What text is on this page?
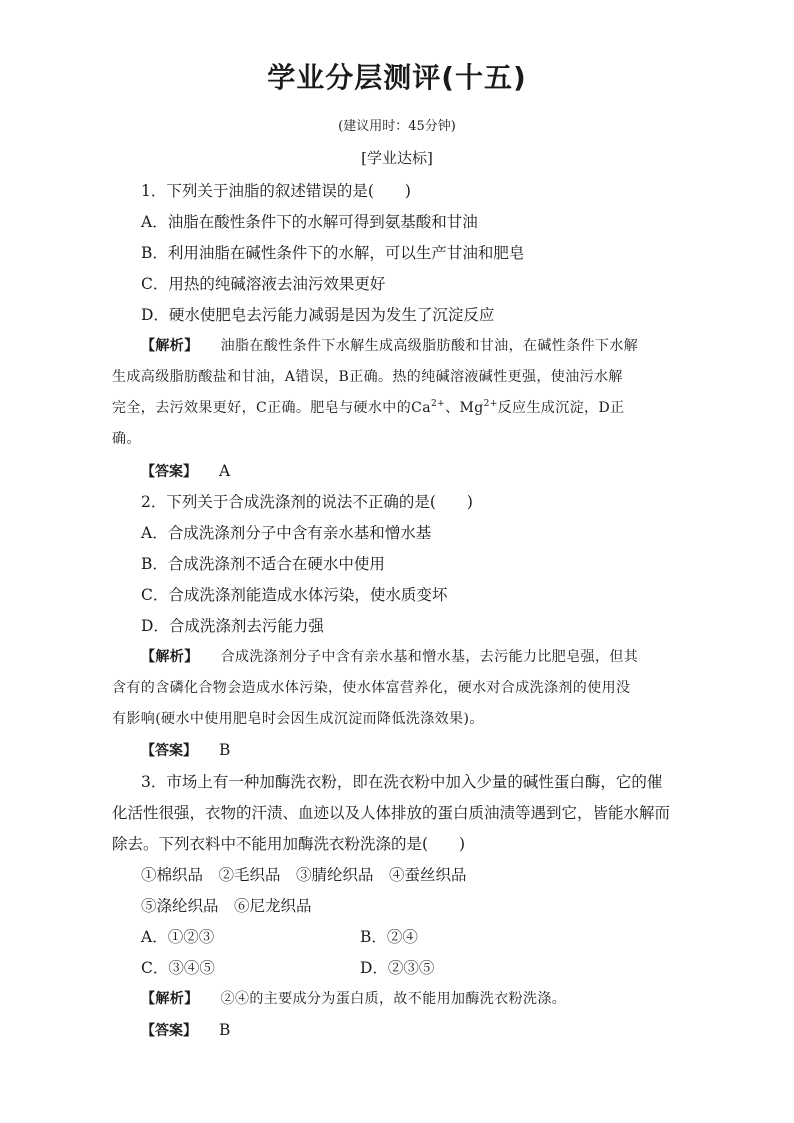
学业分层测评(十五)
(建议用时：45分钟)
[学业达标]
1．下列关于油脂的叙述错误的是(　　)
A．油脂在酸性条件下的水解可得到氨基酸和甘油
B．利用油脂在碱性条件下的水解，可以生产甘油和肥皂
C．用热的纯碱溶液去油污效果更好
D．硬水使肥皂去污能力减弱是因为发生了沉淀反应
【解析】 油脂在酸性条件下水解生成高级脂肪酸和甘油，在碱性条件下水解
生成高级脂肪酸盐和甘油，A错误，B正确。热的纯碱溶液碱性更强，使油污水解
完全，去污效果更好，C正确。肥皂与硬水中的$Ca^{2+}$、$Mg^{2+}$反应生成沉淀，D正
确。
【答案】 A
2．下列关于合成洗涤剂的说法不正确的是(　　)
A．合成洗涤剂分子中含有亲水基和憎水基
B．合成洗涤剂不适合在硬水中使用
C．合成洗涤剂能造成水体污染，使水质变坏
D．合成洗涤剂去污能力强
【解析】 合成洗涤剂分子中含有亲水基和憎水基，去污能力比肥皂强，但其
含有的含磷化合物会造成水体污染，使水体富营养化，硬水对合成洗涤剂的使用没
有影响(硬水中使用肥皂时会因生成沉淀而降低洗涤效果)。
【答案】 B
3．市场上有一种加酶洗衣粉，即在洗衣粉中加入少量的碱性蛋白酶，它的催
化活性很强，衣物的汗渍、血迹以及人体排放的蛋白质油渍等遇到它，皆能水解而
除去。下列衣料中不能用加酶洗衣粉洗涤的是(　　)
①棉织品　②毛织品　③腈纶织品　④蚕丝织品
⑤涤纶织品　⑥尼龙织品
A．①②③	B．②④
C．③④⑤	D．②③⑤
【解析】 ②④的主要成分为蛋白质，故不能用加酶洗衣粉洗涤。
【答案】 B
